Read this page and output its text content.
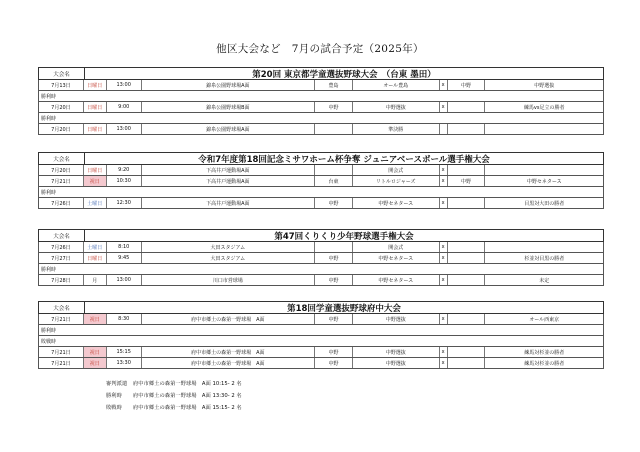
他区大会など　7月の試合予定（2025年）
大会名	第20回 東京都学童選抜野球大会　（台東 墨田）
7月13日	日曜日	13:00	錦糸公園野球場A面	豊島	オール豊島	x	中野	中野選抜
勝利時
7月20日	日曜日	9:00	錦糸公園野球場B面	中野	中野選抜	x	練馬vs足立の勝者
勝利時
7月20日	日曜日	13:00	錦糸公園野球場A面	準決勝
大会名	令和7年度第18回記念ミサワホーム杯争奪 ジュニアベースボール選手権大会
7月20日	日曜日	9:20	下高井戸運動場A面	開会式	x
7月21日	祝日	10:30	下高井戸運動場A面	台東	リトルロジャーズ	x	中野	中野セネタース
勝利時
7月26日	土曜日	12:30	下高井戸運動場A面	中野	中野セネタース	x	目黒対大田の勝者
大会名	第47回くりくり少年野球選手権大会
7月26日	土曜日	8:10	大田スタジアム	開会式	x
7月27日	日曜日	9:45	大田スタジアム	中野	中野セネタース	x	杉並対目黒の勝者
勝利時
7月28日	月	13:00	川口市営球場	中野	中野セネタース	x	未定
大会名	第18回学童選抜野球府中大会
7月21日	祝日	8:30	府中市郷土の森第一野球場　A面	中野	中野選抜	x	オール西東京
勝利時
敗戦時
7月21日	祝日	15:15	府中市郷土の森第一野球場　A面	中野	中野選抜	x	練馬対杉並の勝者
7月21日	祝日	13:30	府中市郷土の森第一野球場　A面	中野	中野選抜	x	練馬対杉並の勝者
審判派遣	府中市郷土の森第一野球場　A面 10:15- 2 名
勝利時	府中市郷土の森第一野球場　A面 13:30- 2 名
敗戦時	府中市郷土の森第一野球場　A面 15:15- 2 名
